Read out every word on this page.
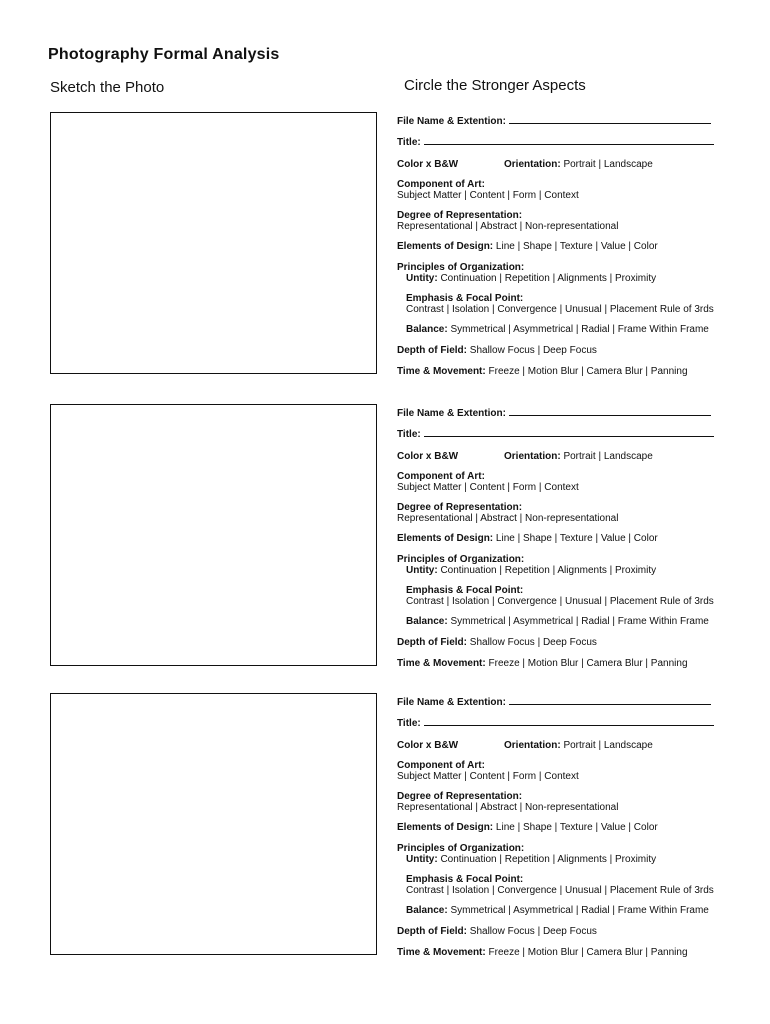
Photography Formal Analysis
Sketch the Photo	Circle the Stronger Aspects
File Name & Extention:
Title:
Color x B&W	Orientation: Portrait | Landscape
Component of Art:
Subject Matter | Content | Form | Context
Degree of Representation:
Representational | Abstract | Non-representational
Elements of Design: Line | Shape | Texture | Value | Color
Principles of Organization:
Untity: Continuation | Repetition | Alignments | Proximity
Emphasis & Focal Point:
Contrast | Isolation | Convergence | Unusual | Placement Rule of 3rds
Balance: Symmetrical | Asymmetrical | Radial | Frame Within Frame
Depth of Field: Shallow Focus | Deep Focus
Time & Movement: Freeze | Motion Blur | Camera Blur | Panning
File Name & Extention:
Title:
Color x B&W	Orientation: Portrait | Landscape
Component of Art:
Subject Matter | Content | Form | Context
Degree of Representation:
Representational | Abstract | Non-representational
Elements of Design: Line | Shape | Texture | Value | Color
Principles of Organization:
Untity: Continuation | Repetition | Alignments | Proximity
Emphasis & Focal Point:
Contrast | Isolation | Convergence | Unusual | Placement Rule of 3rds
Balance: Symmetrical | Asymmetrical | Radial | Frame Within Frame
Depth of Field: Shallow Focus | Deep Focus
Time & Movement: Freeze | Motion Blur | Camera Blur | Panning
File Name & Extention:
Title:
Color x B&W	Orientation: Portrait | Landscape
Component of Art:
Subject Matter | Content | Form | Context
Degree of Representation:
Representational | Abstract | Non-representational
Elements of Design: Line | Shape | Texture | Value | Color
Principles of Organization:
Untity: Continuation | Repetition | Alignments | Proximity
Emphasis & Focal Point:
Contrast | Isolation | Convergence | Unusual | Placement Rule of 3rds
Balance: Symmetrical | Asymmetrical | Radial | Frame Within Frame
Depth of Field: Shallow Focus | Deep Focus
Time & Movement: Freeze | Motion Blur | Camera Blur | Panning
